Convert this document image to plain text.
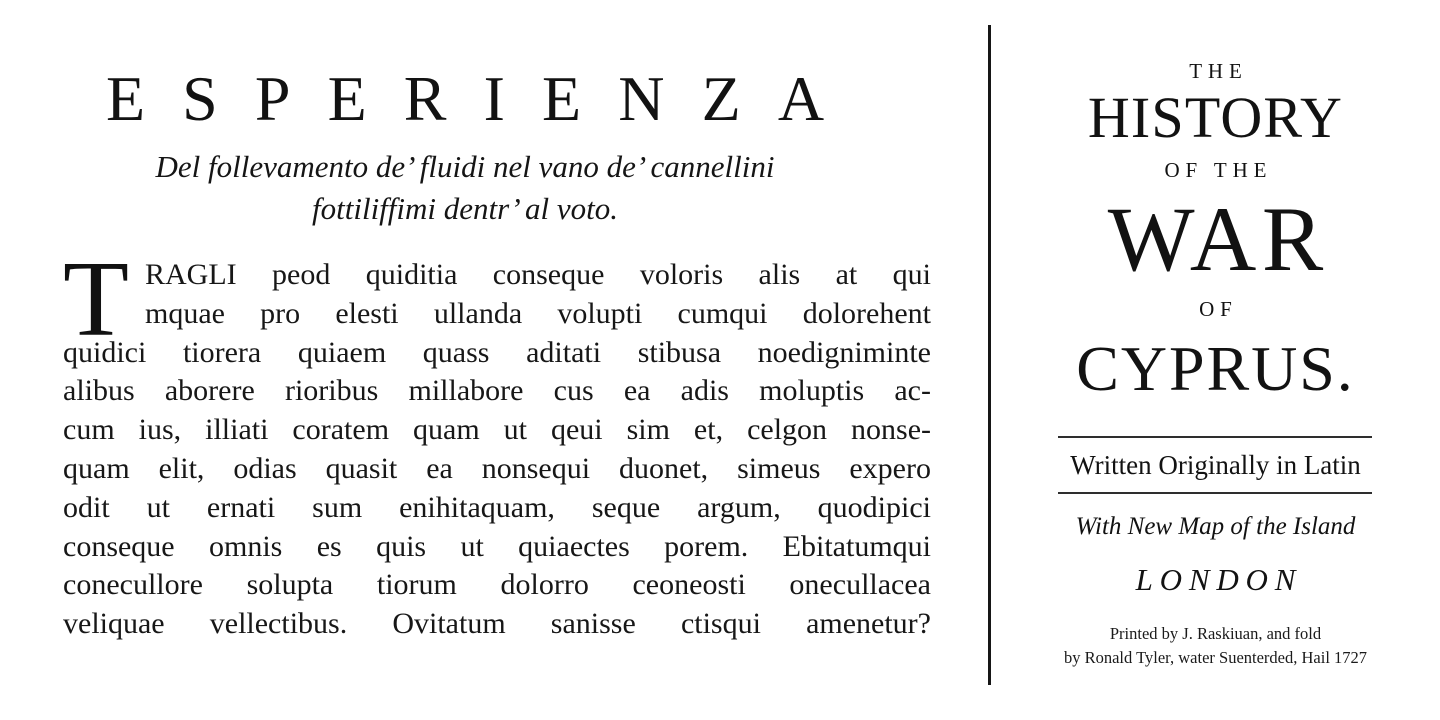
ESPERIENZA
Del follevamento de’ fluidi nel vano de’ cannellini
fottiliffimi dentr’ al voto.
T RAGLI peod quiditia conseque voloris alis at qui
mquae pro elesti ullanda volupti cumqui dolorehent
quidici tiorera quiaem quass aditati stibusa noedigniminte
alibus aborere rioribus millabore cus ea adis moluptis ac-
cum ius, illiati coratem quam ut qeui sim et, celgon nonse-
quam elit, odias quasit ea nonsequi duonet, simeus expero
odit ut ernati sum enihitaquam, seque argum, quodipici
conseque omnis es quis ut quiaectes porem. Ebitatumqui
conecullore solupta tiorum dolorro ceoneosti onecullacea
veliquae vellectibus. Ovitatum sanisse ctisqui amenetur?
THE
HISTORY
OF THE
WAR
OF
CYPRUS.
Written Originally in Latin
With New Map of the Island
LONDON
Printed by J. Raskiuan, and fold
by Ronald Tyler, water Suenterded, Hail 1727
